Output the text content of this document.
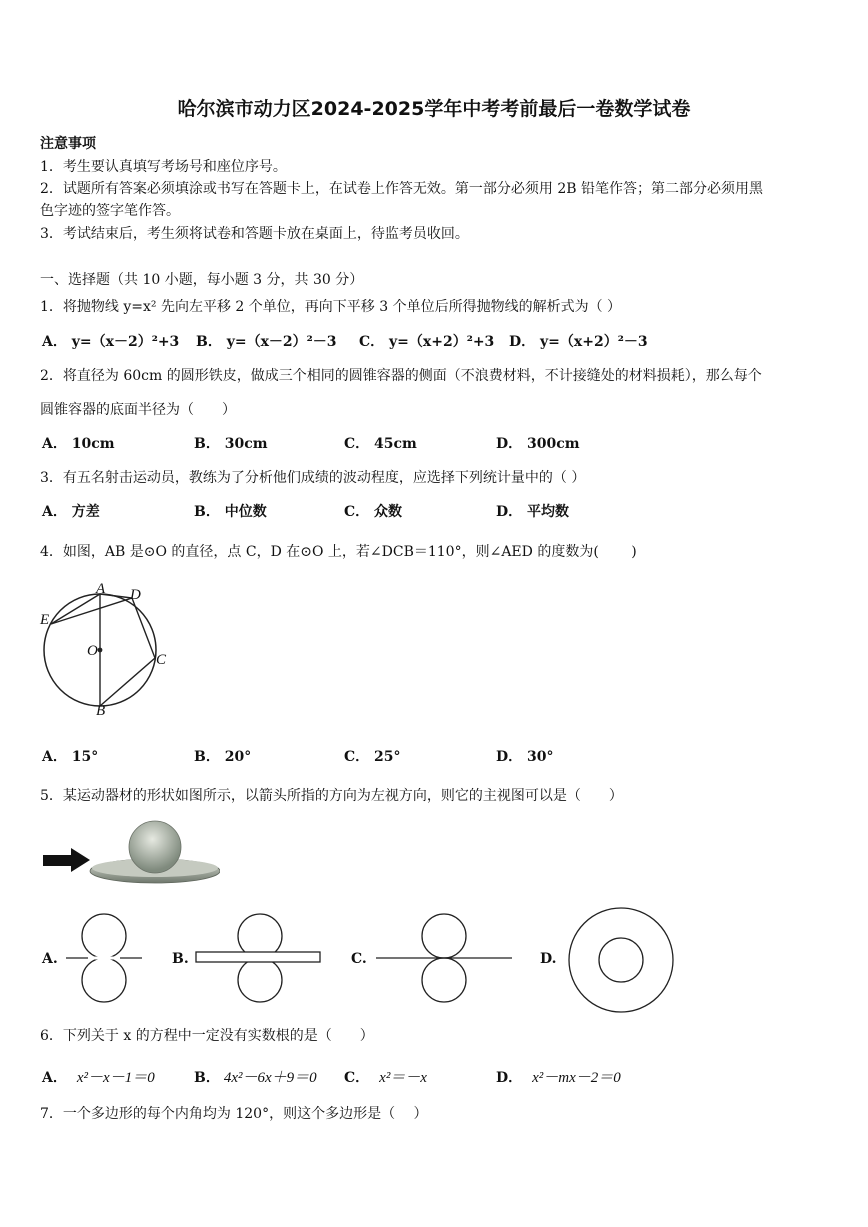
哈尔滨市动力区2024-2025学年中考考前最后一卷数学试卷
注意事项
1．考生要认真填写考场号和座位序号。
2．试题所有答案必须填涂或书写在答题卡上，在试卷上作答无效。第一部分必须用 2B 铅笔作答；第二部分必须用黑
色字迹的签字笔作答。
3．考试结束后，考生须将试卷和答题卡放在桌面上，待监考员收回。
一、选择题（共 10 小题，每小题 3 分，共 30 分）
1．将抛物线 y=x² 先向左平移 2 个单位，再向下平移 3 个单位后所得抛物线的解析式为（ ）
A． y=（x－2）²+3 B． y=（x－2）²－3 C． y=（x+2）²+3 D． y=（x+2）²－3
2．将直径为 60cm 的圆形铁皮，做成三个相同的圆锥容器的侧面（不浪费材料，不计接缝处的材料损耗），那么每个
圆锥容器的底面半径为（　　）
A． 10cm	B． 30cm	C． 45cm	D． 300cm
3．有五名射击运动员，教练为了分析他们成绩的波动程度，应选择下列统计量中的（ ）
A． 方差	B． 中位数	C． 众数	D． 平均数
4．如图，AB 是⊙O 的直径，点 C，D 在⊙O 上，若∠DCB＝110°，则∠AED 的度数为(　　 )
A D
E
O
C
B
A． 15°	B． 20°	C． 25°	D． 30°
5．某运动器材的形状如图所示，以箭头所指的方向为左视方向，则它的主视图可以是（　　）
A.	B.	C.	D.
6．下列关于 x 的方程中一定没有实数根的是（　　）
A． x²－x－1＝0	B． 4x²－6x＋9＝0 C． x²＝－x	D． x²－mx－2＝0
7．一个多边形的每个内角均为 120°，则这个多边形是（　 ）
